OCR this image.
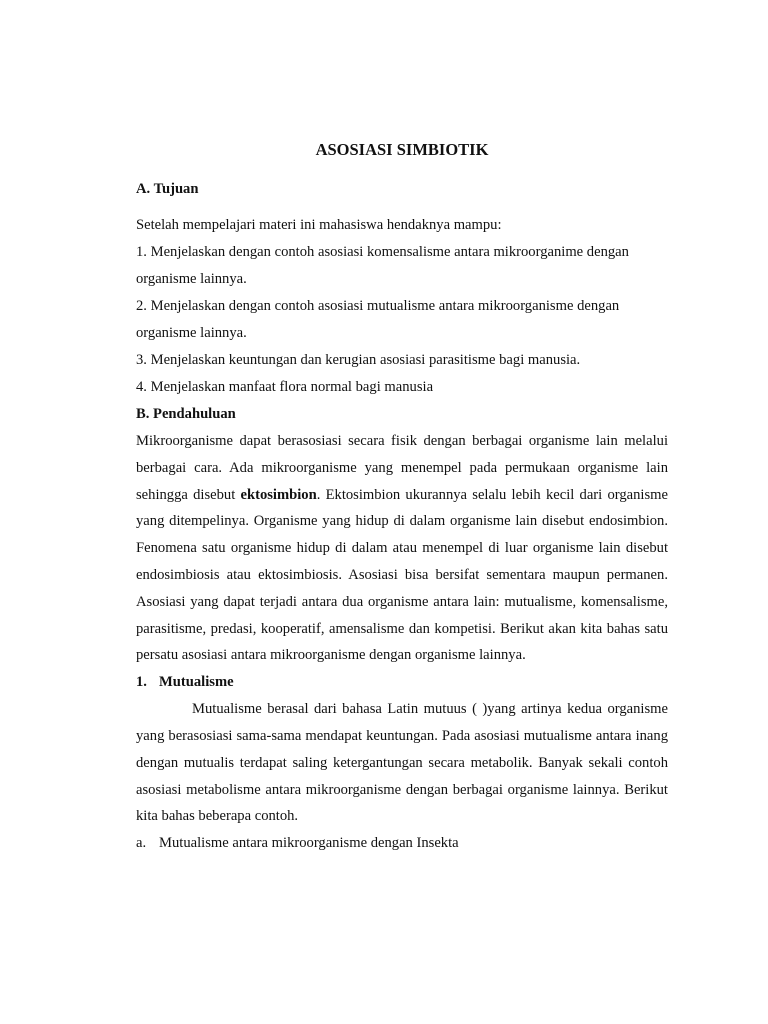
ASOSIASI SIMBIOTIK

A. Tujuan

Setelah mempelajari materi ini mahasiswa hendaknya mampu:

1. Menjelaskan dengan contoh asosiasi komensalisme antara mikroorganime dengan

organisme lainnya.

2. Menjelaskan dengan contoh asosiasi mutualisme antara mikroorganisme dengan

organisme lainnya.

3. Menjelaskan keuntungan dan kerugian asosiasi parasitisme bagi manusia.

4. Menjelaskan manfaat flora normal bagi manusia

B. Pendahuluan

Mikroorganisme dapat berasosiasi secara fisik dengan berbagai organisme lain melalui berbagai cara. Ada mikroorganisme yang menempel pada permukaan organisme lain sehingga disebut ektosimbion. Ektosimbion ukurannya selalu lebih kecil dari organisme yang ditempelinya. Organisme yang hidup di dalam organisme lain disebut endosimbion. Fenomena satu organisme hidup di dalam atau menempel di luar organisme lain disebut endosimbiosis atau ektosimbiosis. Asosiasi bisa bersifat sementara maupun permanen. Asosiasi yang dapat terjadi antara dua organisme antara lain: mutualisme, komensalisme, parasitisme, predasi, kooperatif, amensalisme dan kompetisi. Berikut akan kita bahas satu persatu asosiasi antara mikroorganisme dengan organisme lainnya.

1. Mutualisme

Mutualisme berasal dari bahasa Latin mutuus ( )yang artinya kedua organisme yang berasosiasi sama-sama mendapat keuntungan. Pada asosiasi mutualisme antara inang dengan mutualis terdapat saling ketergantungan secara metabolik. Banyak sekali contoh asosiasi metabolisme antara mikroorganisme dengan berbagai organisme lainnya. Berikut kita bahas beberapa contoh.

a. Mutualisme antara mikroorganisme dengan Insekta
